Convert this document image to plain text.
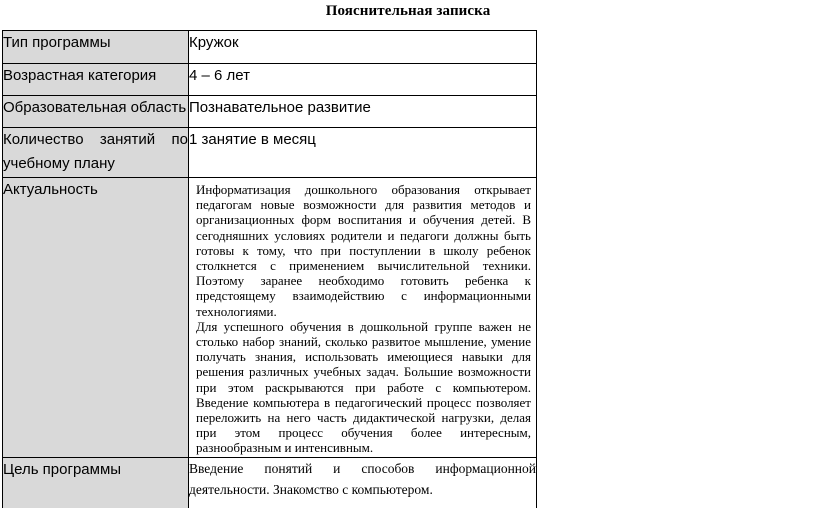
Пояснительная записка
Тип программы	Кружок
Возрастная категория	4 – 6 лет
Образовательная область	Познавательное развитие
Количество занятий по учебному плану	1 занятие в месяц
Актуальность	Информатизация дошкольного образования открывает педагогам новые возможности для развития методов и организационных форм воспитания и обучения детей. В сегодняшних условиях родители и педагоги должны быть готовы к тому, что при поступлении в школу ребенок столкнется с применением вычислительной техники. Поэтому заранее необходимо готовить ребенка к предстоящему взаимодействию с информационными технологиями.

Для успешного обучения в дошкольной группе важен не столько набор знаний, сколько развитое мышление, умение получать знания, использовать имеющиеся навыки для решения различных учебных задач. Большие возможности при этом раскрываются при работе с компьютером. Введение компьютера в педагогический процесс позволяет переложить на него часть дидактической нагрузки, делая при этом процесс обучения более интересным, разнообразным и интенсивным.

Цель программы	Введение понятий и способов информационной деятельности. Знакомство с компьютером.
